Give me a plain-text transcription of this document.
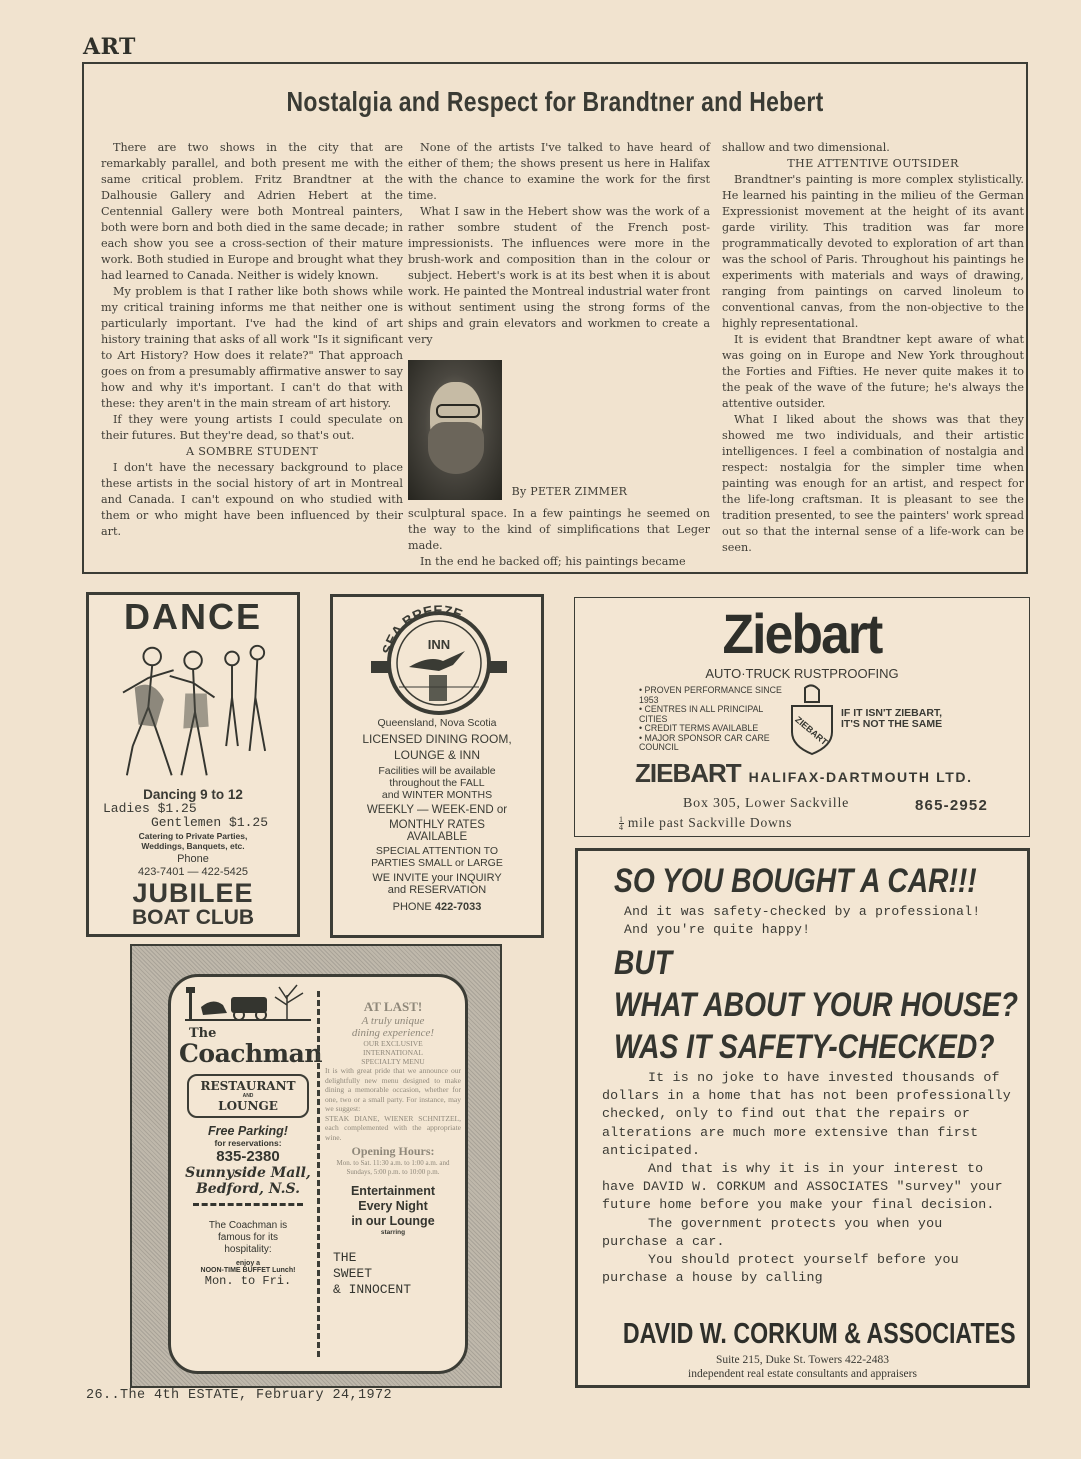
ART
Nostalgia and Respect for Brandtner and Hebert

There are two shows in the city that are remarkably parallel, and both present me with the same critical problem. Fritz Brandtner at the Dalhousie Gallery and Adrien Hebert at the Centennial Gallery were both Montreal painters, both were born and both died in the same decade; in each show you see a cross-section of their mature work. Both studied in Europe and brought what they had learned to Canada. Neither is widely known.

My problem is that I rather like both shows while my critical training informs me that neither one is particularly important. I've had the kind of art history training that asks of all work "Is it significant to Art History? How does it relate?" That approach goes on from a presumably affirmative answer to say how and why it's important. I can't do that with these: they aren't in the main stream of art history.

If they were young artists I could speculate on their futures. But they're dead, so that's out.

A SOMBRE STUDENT

I don't have the necessary background to place these artists in the social history of art in Montreal and Canada. I can't expound on who studied with them or who might have been influenced by their art.

None of the artists I've talked to have heard of either of them; the shows present us here in Halifax with the chance to examine the work for the first time.

What I saw in the Hebert show was the work of a rather sombre student of the French post-impressionists. The influences were more in the brush-work and composition than in the colour or subject. Hebert's work is at its best when it is about work. He painted the Montreal industrial water front without sentiment using the strong forms of the ships and grain elevators and workmen to create a very

By PETER ZIMMER

sculptural space. In a few paintings he seemed on the way to the kind of simplifications that Leger made.

In the end he backed off; his paintings became

shallow and two dimensional.

THE ATTENTIVE OUTSIDER

Brandtner's painting is more complex stylistically. He learned his painting in the milieu of the German Expressionist movement at the height of its avant garde virility. This tradition was far more programmatically devoted to exploration of art than was the school of Paris. Throughout his paintings he experiments with materials and ways of drawing, ranging from paintings on carved linoleum to conventional canvas, from the non-objective to the highly representational.

It is evident that Brandtner kept aware of what was going on in Europe and New York throughout the Forties and Fifties. He never quite makes it to the peak of the wave of the future; he's always the attentive outsider.

What I liked about the shows was that they showed me two individuals, and their artistic intelligences. I feel a combination of nostalgia and respect: nostalgia for the simpler time when painting was enough for an artist, and respect for the life-long craftsman. It is pleasant to see the tradition presented, to see the painters' work spread out so that the internal sense of a life-work can be seen.

DANCE
Dancing 9 to 12
Ladies $1.25
Gentlemen $1.25
Catering to Private Parties,
Weddings, Banquets, etc.
Phone
423-7401 — 422-5425
JUBILEE
BOAT CLUB
SEA BREEZE
INN
Queensland, Nova Scotia
LICENSED DINING ROOM,
LOUNGE & INN
Facilities will be available
throughout the FALL
and WINTER MONTHS
WEEKLY — WEEK-END or
MONTHLY RATES
AVAILABLE
SPECIAL ATTENTION TO
PARTIES SMALL or LARGE
WE INVITE your INQUIRY
and RESERVATION
PHONE 422-7033
Ziebart
AUTO·TRUCK RUSTPROOFING
• PROVEN PERFORMANCE SINCE 1953
• CENTRES IN ALL PRINCIPAL CITIES
• CREDIT TERMS AVAILABLE
• MAJOR SPONSOR CAR CARE COUNCIL	ZIEBART
IF IT ISN'T ZIEBART,
IT'S NOT THE SAME
ZIEBART HALIFAX-DARTMOUTH LTD.
Box 305, Lower Sackville	865-2952
$\frac{1}{4}$ mile past Sackville Downs
SO YOU BOUGHT A CAR!!!
And it was safety-checked by a professional!
And you're quite happy!
BUT
WHAT ABOUT YOUR HOUSE?
WAS IT SAFETY-CHECKED?

It is no joke to have invested thousands of dollars in a home that has not been professionally checked, only to find out that the repairs or alterations are much more extensive than first anticipated.

And that is why it is in your interest to have DAVID W. CORKUM and ASSOCIATES "survey" your future home before you make your final decision.

The government protects you when you purchase a car.

You should protect yourself before you purchase a house by calling

DAVID W. CORKUM & ASSOCIATES
Suite 215, Duke St. Towers 422-2483
independent real estate consultants and appraisers
The
Coachman
RESTAURANT
AND
LOUNGE
Free Parking!
for reservations:
835-2380
Sunnyside Mall,
Bedford, N.S.
The Coachman is
famous for its
hospitality:
enjoy a
NOON-TIME BUFFET Lunch!
Mon. to Fri.
AT LAST!
A truly unique
dining experience!
OUR EXCLUSIVE
INTERNATIONAL
SPECIALTY MENU
It is with great pride that we announce our delightfully new menu designed to make dining a memorable occasion, whether for one, two or a small party. For instance, may we suggest:
STEAK DIANE, WIENER SCHNITZEL, each complemented with the appropriate wine.
Opening Hours:
Mon. to Sat. 11:30 a.m. to 1:00 a.m. and Sundays, 5:00 p.m. to 10:00 p.m.
Entertainment
Every Night
in our Lounge
starring
THE
SWEET
& INNOCENT
26..The 4th ESTATE, February 24,1972
